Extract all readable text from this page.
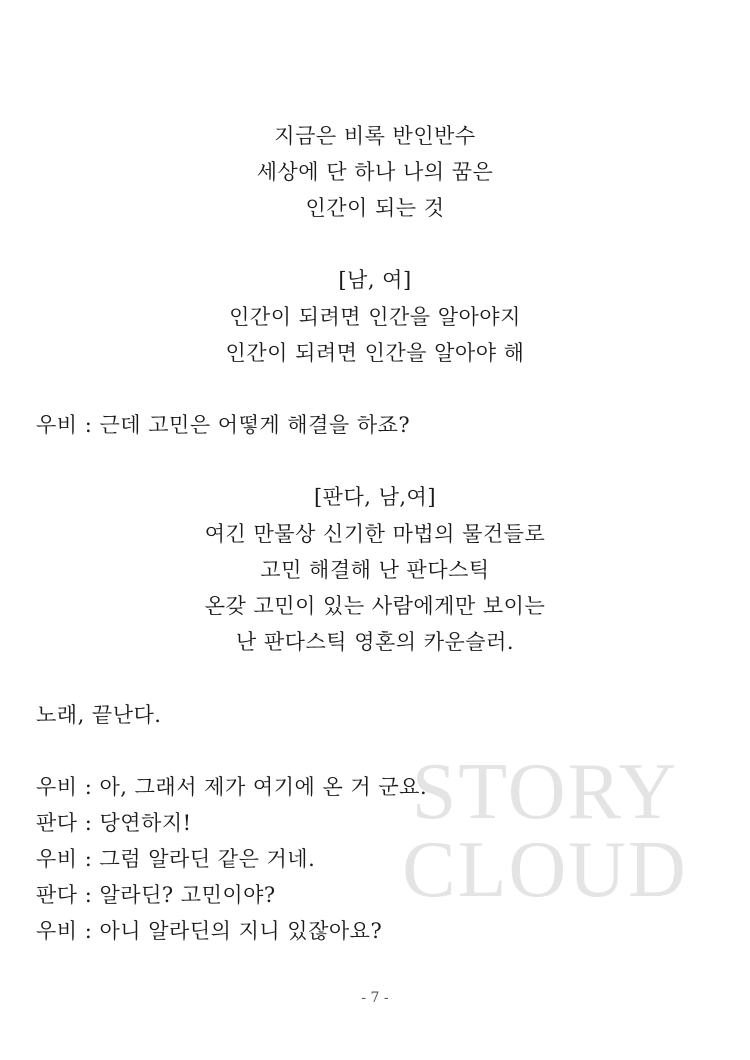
STORY
CLOUD
지금은 비록 반인반수
세상에 단 하나 나의 꿈은
인간이 되는 것
[남, 여]
인간이 되려면 인간을 알아야지
인간이 되려면 인간을 알아야 해
우비 : 근데 고민은 어떻게 해결을 하죠?
[판다, 남,여]
여긴 만물상 신기한 마법의 물건들로
고민 해결해 난 판다스틱
온갖 고민이 있는 사람에게만 보이는
난 판다스틱 영혼의 카운슬러.
노래, 끝난다.
우비 : 아, 그래서 제가 여기에 온 거 군요.
판다 : 당연하지!
우비 : 그럼 알라딘 같은 거네.
판다 : 알라딘? 고민이야?
우비 : 아니 알라딘의 지니 있잖아요?
- 7 -
